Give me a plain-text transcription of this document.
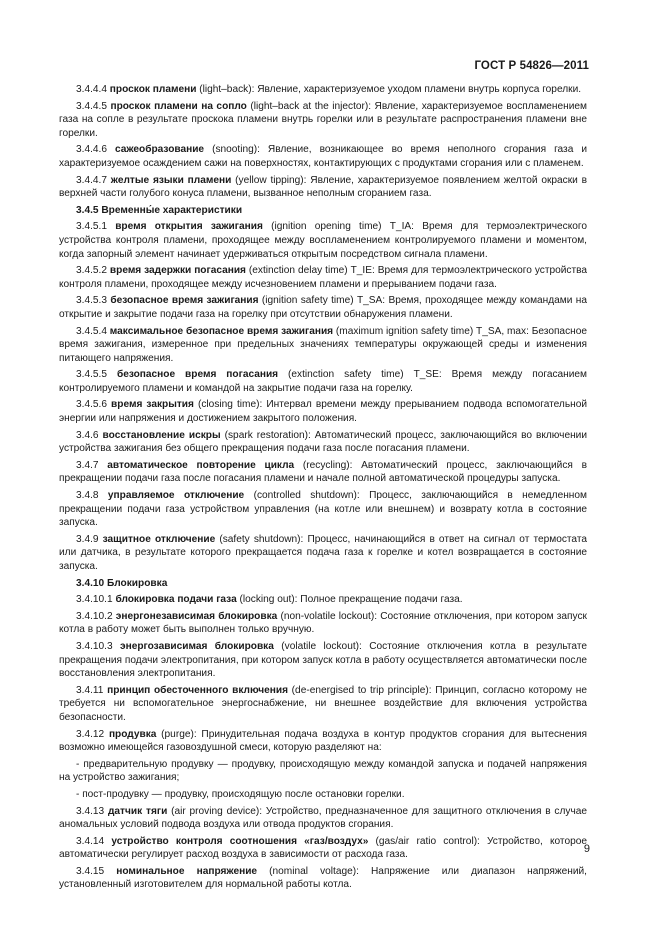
ГОСТ Р 54826—2011

3.4.4.4 проскок пламени (light–back): Явление, характеризуемое уходом пламени внутрь корпуса горелки.

3.4.4.5 проскок пламени на сопло (light–back at the injector): Явление, характеризуемое воспламенением газа на сопле в результате проскока пламени внутрь горелки или в результате распространения пламени вне горелки.

3.4.4.6 сажеобразование (snooting): Явление, возникающее во время неполного сгорания газа и характеризуемое осаждением сажи на поверхностях, контактирующих с продуктами сгорания или с пламенем.

3.4.4.7 желтые языки пламени (yellow tipping): Явление, характеризуемое появлением желтой окраски в верхней части голубого конуса пламени, вызванное неполным сгоранием газа.

3.4.5 Временны́е характеристики

3.4.5.1 время открытия зажигания (ignition opening time) T_IA: Время для термоэлектрического устройства контроля пламени, проходящее между воспламенением контролируемого пламени и моментом, когда запорный элемент начинает удерживаться открытым посредством сигнала пламени.

3.4.5.2 время задержки погасания (extinction delay time) T_IE: Время для термоэлектрического устройства контроля пламени, проходящее между исчезновением пламени и прерыванием подачи газа.

3.4.5.3 безопасное время зажигания (ignition safety time) T_SA: Время, проходящее между командами на открытие и закрытие подачи газа на горелку при отсутствии обнаружения пламени.

3.4.5.4 максимальное безопасное время зажигания (maximum ignition safety time) T_SA, max: Безопасное время зажигания, измеренное при предельных значениях температуры окружающей среды и изменения питающего напряжения.

3.4.5.5 безопасное время погасания (extinction safety time) T_SE: Время между погасанием контролируемого пламени и командой на закрытие подачи газа на горелку.

3.4.5.6 время закрытия (closing time): Интервал времени между прерыванием подвода вспомогательной энергии или напряжения и достижением закрытого положения.

3.4.6 восстановление искры (spark restoration): Автоматический процесс, заключающийся во включении устройства зажигания без общего прекращения подачи газа после погасания пламени.

3.4.7 автоматическое повторение цикла (recycling): Автоматический процесс, заключающийся в прекращении подачи газа после погасания пламени и начале полной автоматической процедуры запуска.

3.4.8 управляемое отключение (controlled shutdown): Процесс, заключающийся в немедленном прекращении подачи газа устройством управления (на котле или внешнем) и возврату котла в состояние запуска.

3.4.9 защитное отключение (safety shutdown): Процесс, начинающийся в ответ на сигнал от термостата или датчика, в результате которого прекращается подача газа к горелке и котел возвращается в состояние запуска.

3.4.10 Блокировка

3.4.10.1 блокировка подачи газа (locking out): Полное прекращение подачи газа.

3.4.10.2 энергонезависимая блокировка (non-volatile lockout): Состояние отключения, при котором запуск котла в работу может быть выполнен только вручную.

3.4.10.3 энергозависимая блокировка (volatile lockout): Состояние отключения котла в результате прекращения подачи электропитания, при котором запуск котла в работу осуществляется автоматически после восстановления электропитания.

3.4.11 принцип обесточенного включения (de-energised to trip principle): Принцип, согласно которому не требуется ни вспомогательное энергоснабжение, ни внешнее воздействие для включения устройства безопасности.

3.4.12 продувка (purge): Принудительная подача воздуха в контур продуктов сгорания для вытеснения возможно имеющейся газовоздушной смеси, которую разделяют на:

- предварительную продувку — продувку, происходящую между командой запуска и подачей напряжения на устройство зажигания;

- пост-продувку — продувку, происходящую после остановки горелки.

3.4.13 датчик тяги (air proving device): Устройство, предназначенное для защитного отключения в случае аномальных условий подвода воздуха или отвода продуктов сгорания.

3.4.14 устройство контроля соотношения «газ/воздух» (gas/air ratio control): Устройство, которое автоматически регулирует расход воздуха в зависимости от расхода газа.

3.4.15 номинальное напряжение (nominal voltage): Напряжение или диапазон напряжений, установленный изготовителем для нормальной работы котла.

9
